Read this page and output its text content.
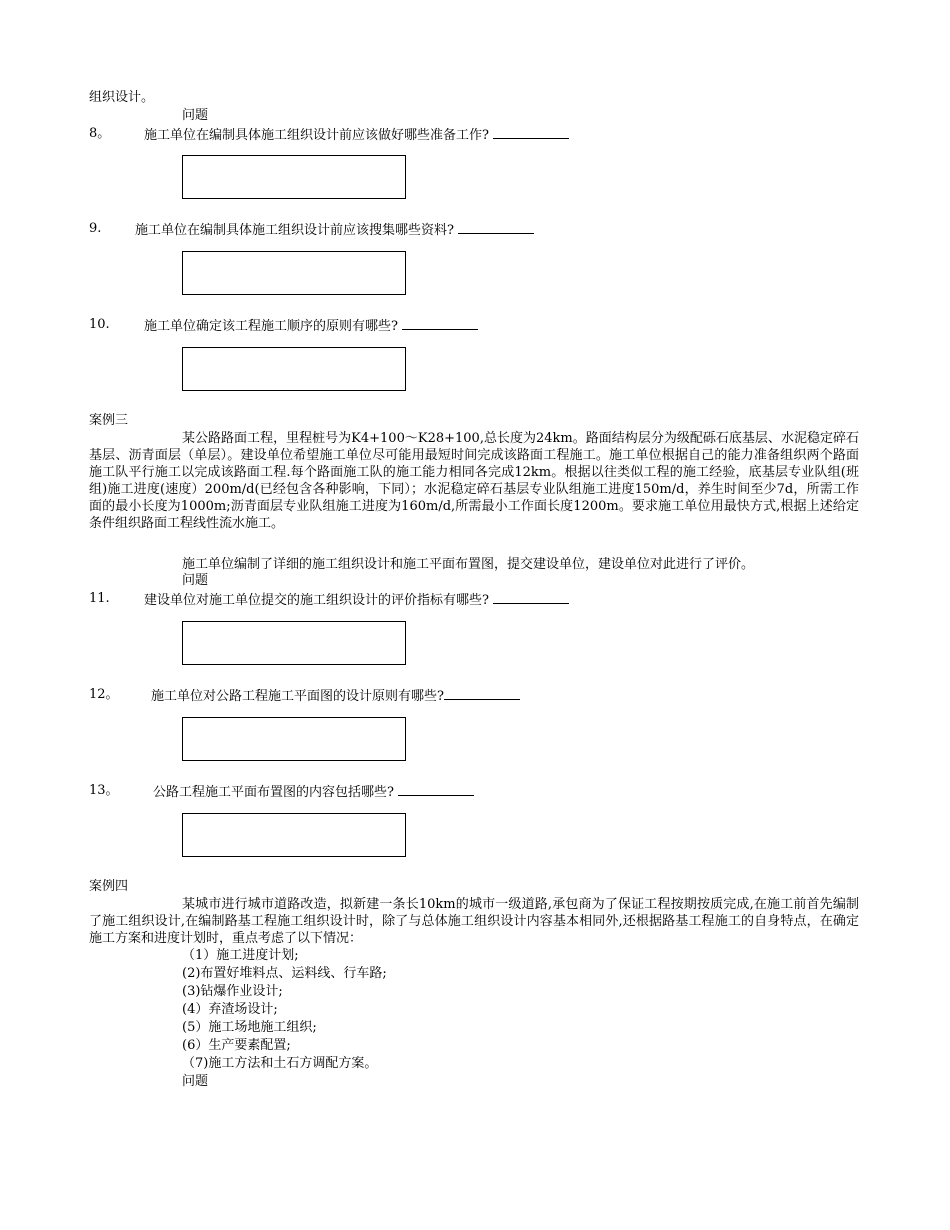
组织设计。
问题
8。	施工单位在编制具体施工组织设计前应该做好哪些准备工作?
9.	施工单位在编制具体施工组织设计前应该搜集哪些资料?
10.	施工单位确定该工程施工顺序的原则有哪些?
案例三
某公路路面工程，里程桩号为K4+100～K28+100,总长度为24km。路面结构层分为级配砾石底基层、水泥稳定碎石基层、沥青面层（单层）。建设单位希望施工单位尽可能用最短时间完成该路面工程施工。施工单位根据自己的能力准备组织两个路面施工队平行施工以完成该路面工程.每个路面施工队的施工能力相同各完成12km。根据以往类似工程的施工经验，底基层专业队组(班组)施工进度(速度）200m/d(已经包含各种影响，下同）；水泥稳定碎石基层专业队组施工进度150m/d，养生时间至少7d，所需工作面的最小长度为1000m;沥青面层专业队组施工进度为160m/d,所需最小工作面长度1200m。要求施工单位用最快方式,根据上述给定条件组织路面工程线性流水施工。
施工单位编制了详细的施工组织设计和施工平面布置图，提交建设单位，建设单位对此进行了评价。
问题
11.	建设单位对施工单位提交的施工组织设计的评价指标有哪些?
12。 施工单位对公路工程施工平面图的设计原则有哪些?
13。	公路工程施工平面布置图的内容包括哪些?
案例四
某城市进行城市道路改造，拟新建一条长10km的城市一级道路,承包商为了保证工程按期按质完成,在施工前首先编制了施工组织设计,在编制路基工程施工组织设计时，除了与总体施工组织设计内容基本相同外,还根据路基工程施工的自身特点，在确定施工方案和进度计划时，重点考虑了以下情况：
（1）施工进度计划;
(2)布置好堆料点、运料线、行车路;
(3)钻爆作业设计;
(4）弃渣场设计;
(5）施工场地施工组织;
(6）生产要素配置;
（7)施工方法和土石方调配方案。
问题
